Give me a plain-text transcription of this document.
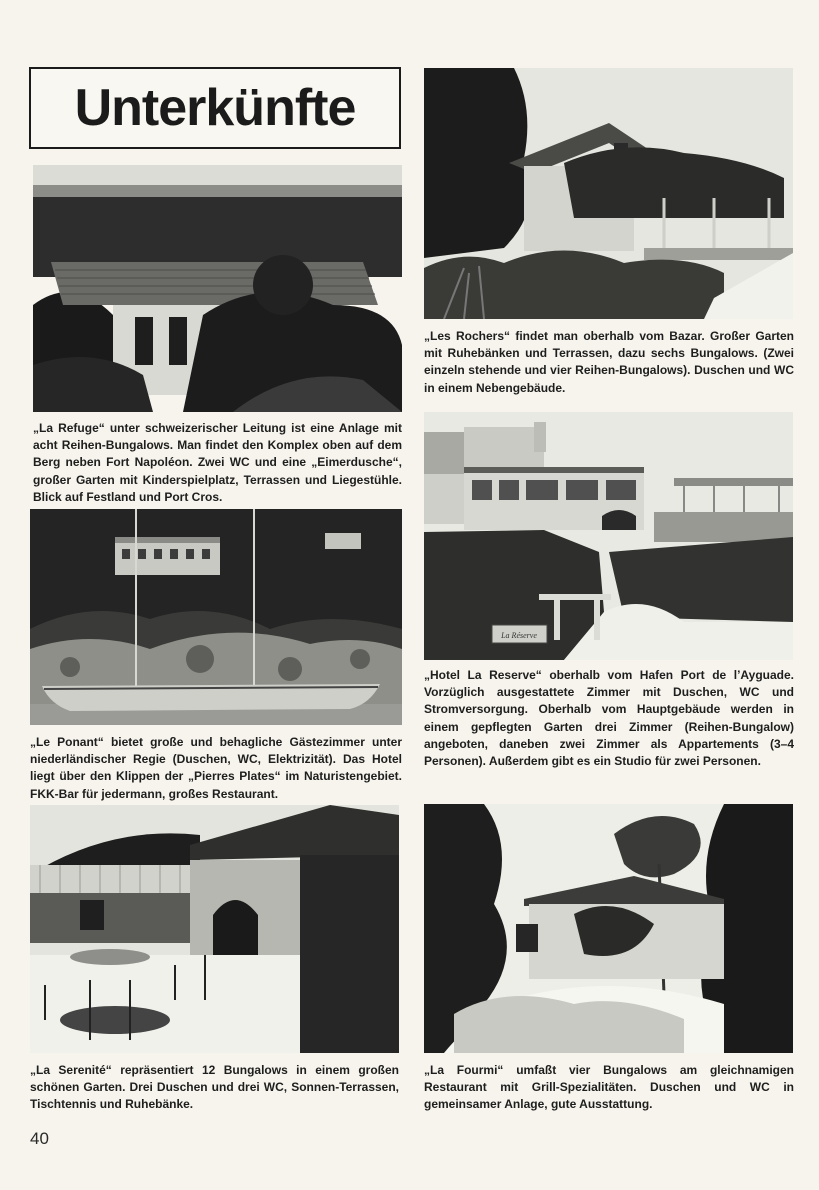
Unterkünfte

„La Refuge“ unter schweizerischer Leitung ist eine Anlage mit acht Reihen-Bungalows. Man findet den Komplex oben auf dem Berg neben Fort Napoléon. Zwei WC und eine „Eimerdusche“, großer Garten mit Kinderspielplatz, Terrassen und Liegestühle. Blick auf Festland und Port Cros.

„Le Ponant“ bietet große und behagliche Gästezimmer unter niederländischer Regie (Duschen, WC, Elektrizität). Das Hotel liegt über den Klippen der „Pierres Plates“ im Naturistengebiet. FKK-Bar für jedermann, großes Restaurant.

„La Serenité“ repräsentiert 12 Bungalows in einem großen schönen Garten. Drei Duschen und drei WC, Sonnen-Terrassen, Tischtennis und Ruhebänke.

„Les Rochers“ findet man oberhalb vom Bazar. Großer Garten mit Ruhebänken und Terrassen, dazu sechs Bungalows. (Zwei einzeln stehende und vier Reihen-Bungalows). Duschen und WC in einem Nebengebäude.

La Réserve

„Hotel La Reserve“ oberhalb vom Hafen Port de l’Ayguade. Vorzüglich ausgestattete Zimmer mit Duschen, WC und Stromversorgung. Oberhalb vom Hauptgebäude werden in einem gepflegten Garten drei Zimmer (Reihen-Bungalow) angeboten, daneben zwei Zimmer als Appartements (3–4 Personen). Außerdem gibt es ein Studio für zwei Personen.

„La Fourmi“ umfaßt vier Bungalows am gleichnamigen Restaurant mit Grill-Spezialitäten. Duschen und WC in gemeinsamer Anlage, gute Ausstattung.

40
